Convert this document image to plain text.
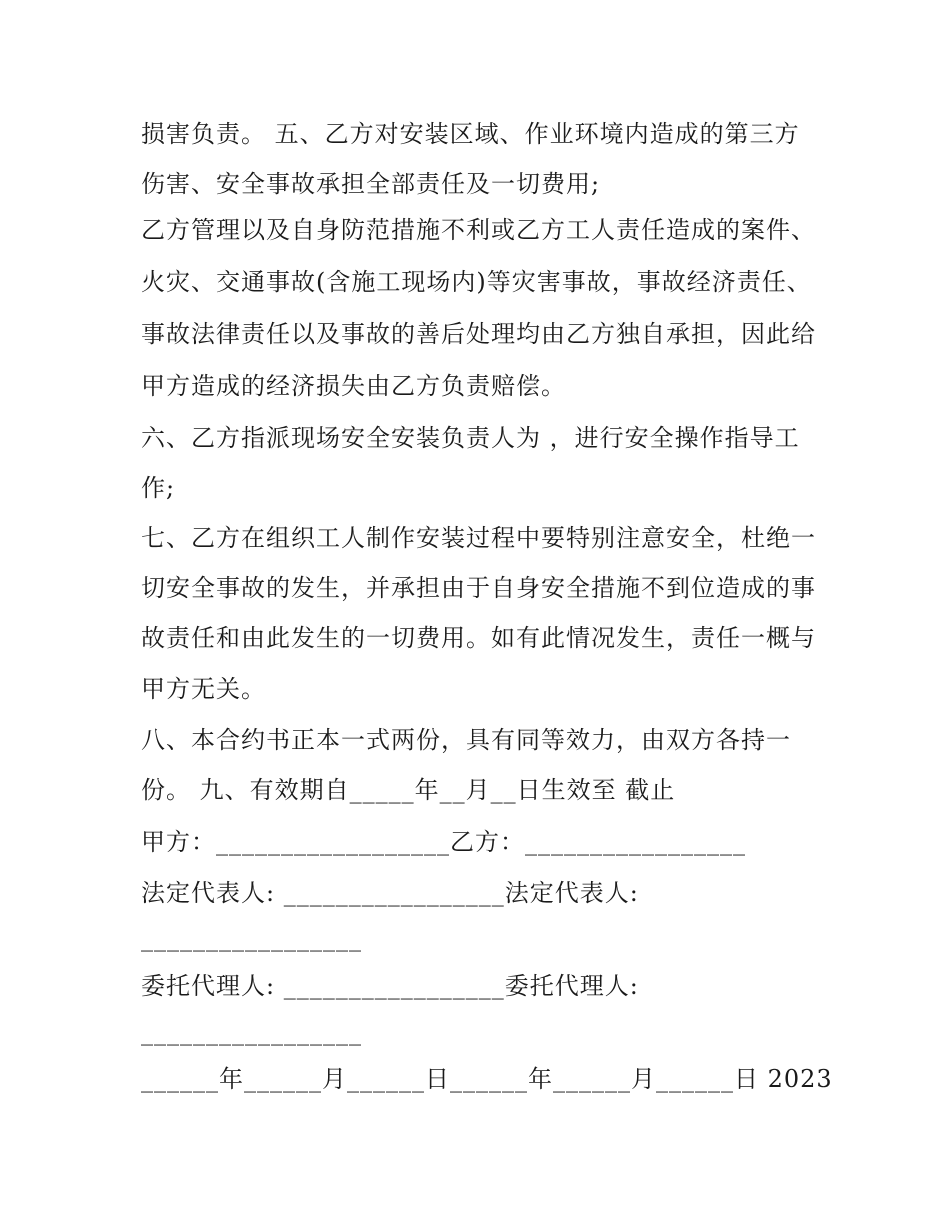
损害负责。 五、乙方对安装区域、作业环境内造成的第三方
伤害、安全事故承担全部责任及一切费用;
乙方管理以及自身防范措施不利或乙方工人责任造成的案件、
火灾、交通事故(含施工现场内)等灾害事故，事故经济责任、
事故法律责任以及事故的善后处理均由乙方独自承担，因此给
甲方造成的经济损失由乙方负责赔偿。
六、乙方指派现场安全安装负责人为 ，进行安全操作指导工
作;
七、乙方在组织工人制作安装过程中要特别注意安全，杜绝一
切安全事故的发生，并承担由于自身安全措施不到位造成的事
故责任和由此发生的一切费用。如有此情况发生，责任一概与
甲方无关。
八、本合约书正本一式两份，具有同等效力，由双方各持一
份。 九、有效期自_____年__月__日生效至 截止
甲方：__________________乙方：_________________
法定代表人: _________________法定代表人:
_________________
委托代理人: _________________委托代理人:
_________________
______年______月______日______年______月______日 2023
